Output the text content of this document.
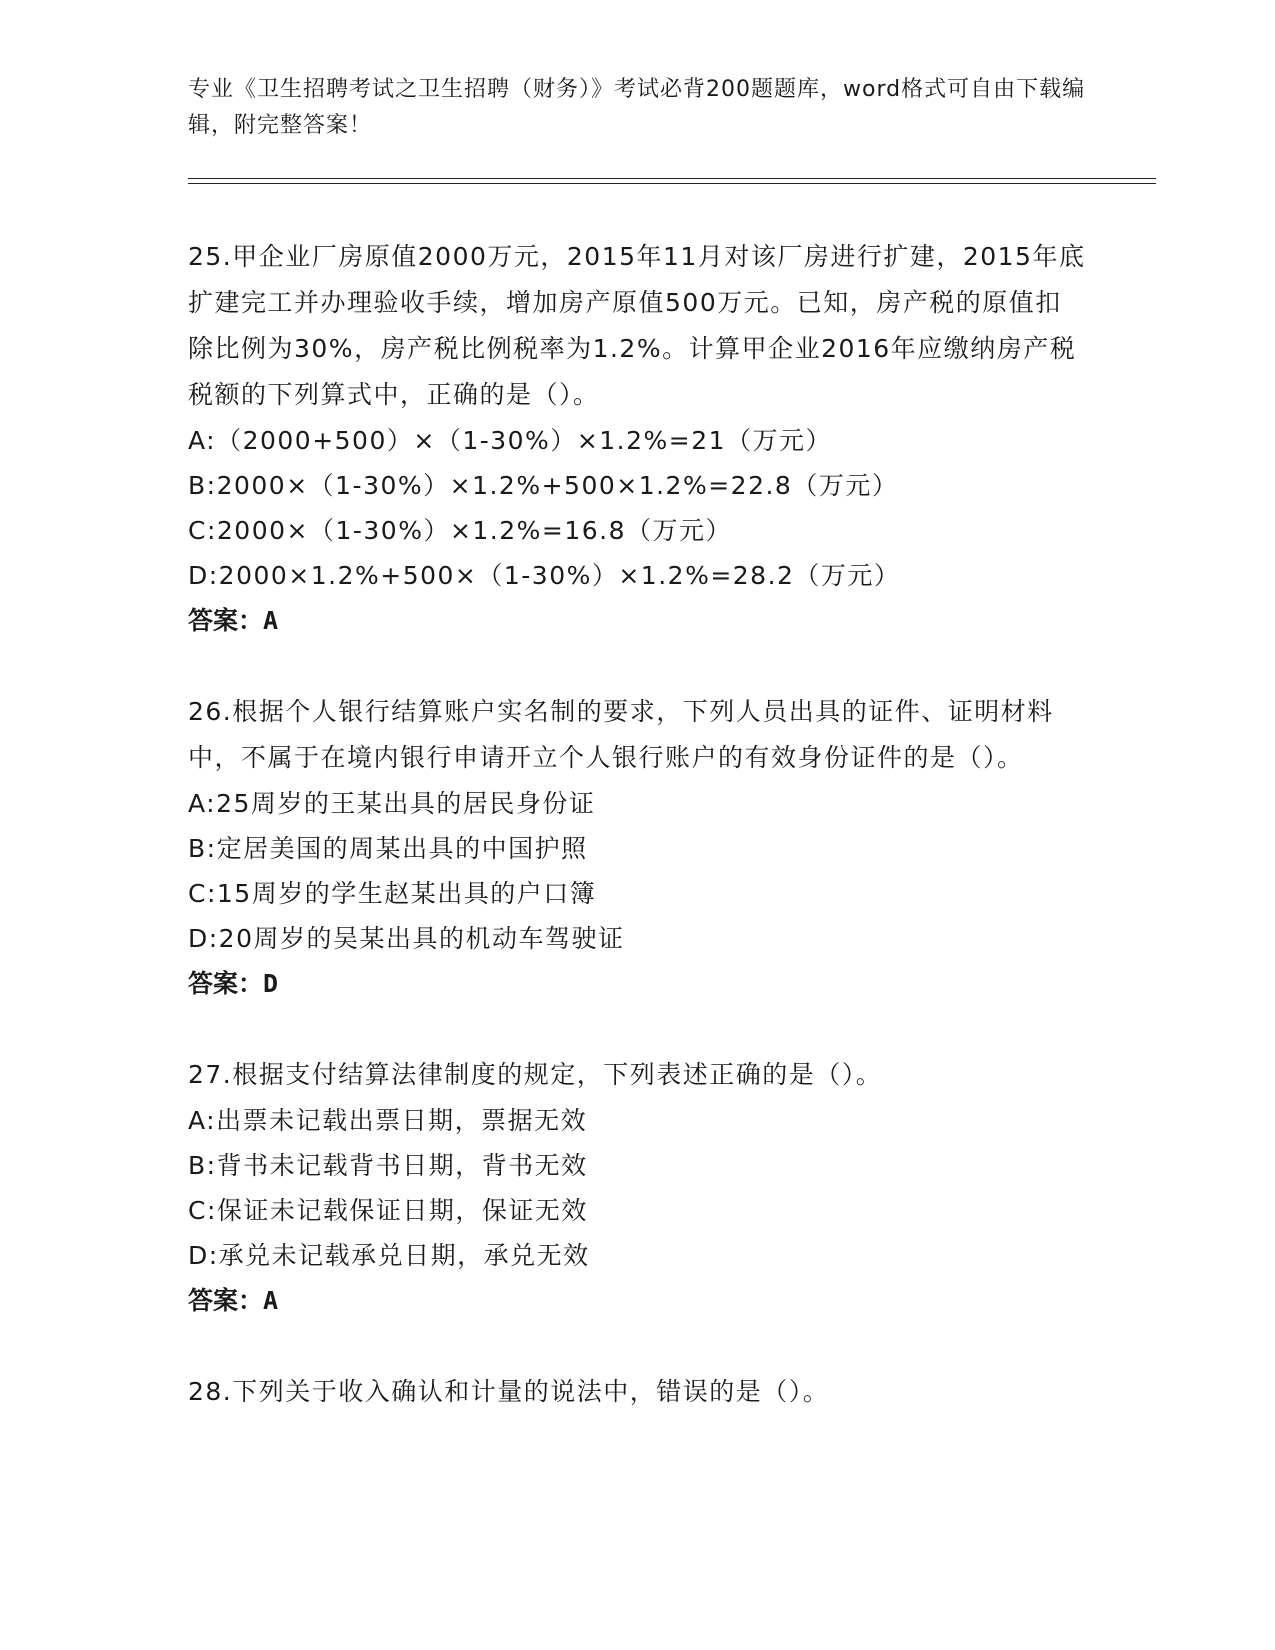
专业《卫生招聘考试之卫生招聘（财务）》考试必背200题题库，word格式可自由下载编辑，附完整答案！

25.甲企业厂房原值2000万元，2015年11月对该厂房进行扩建，2015年底扩建完工并办理验收手续，增加房产原值500万元。已知，房产税的原值扣除比例为30%，房产税比例税率为1.2%。计算甲企业2016年应缴纳房产税税额的下列算式中，正确的是（）。

A:（2000+500）×（1-30%）×1.2%=21（万元）

B:2000×（1-30%）×1.2%+500×1.2%=22.8（万元）

C:2000×（1-30%）×1.2%=16.8（万元）

D:2000×1.2%+500×（1-30%）×1.2%=28.2（万元）

答案：A

26.根据个人银行结算账户实名制的要求，下列人员出具的证件、证明材料中，不属于在境内银行申请开立个人银行账户的有效身份证件的是（）。

A:25周岁的王某出具的居民身份证

B:定居美国的周某出具的中国护照

C:15周岁的学生赵某出具的户口簿

D:20周岁的吴某出具的机动车驾驶证

答案：D

27.根据支付结算法律制度的规定，下列表述正确的是（）。

A:出票未记载出票日期，票据无效

B:背书未记载背书日期，背书无效

C:保证未记载保证日期，保证无效

D:承兑未记载承兑日期，承兑无效

答案：A

28.下列关于收入确认和计量的说法中，错误的是（）。
